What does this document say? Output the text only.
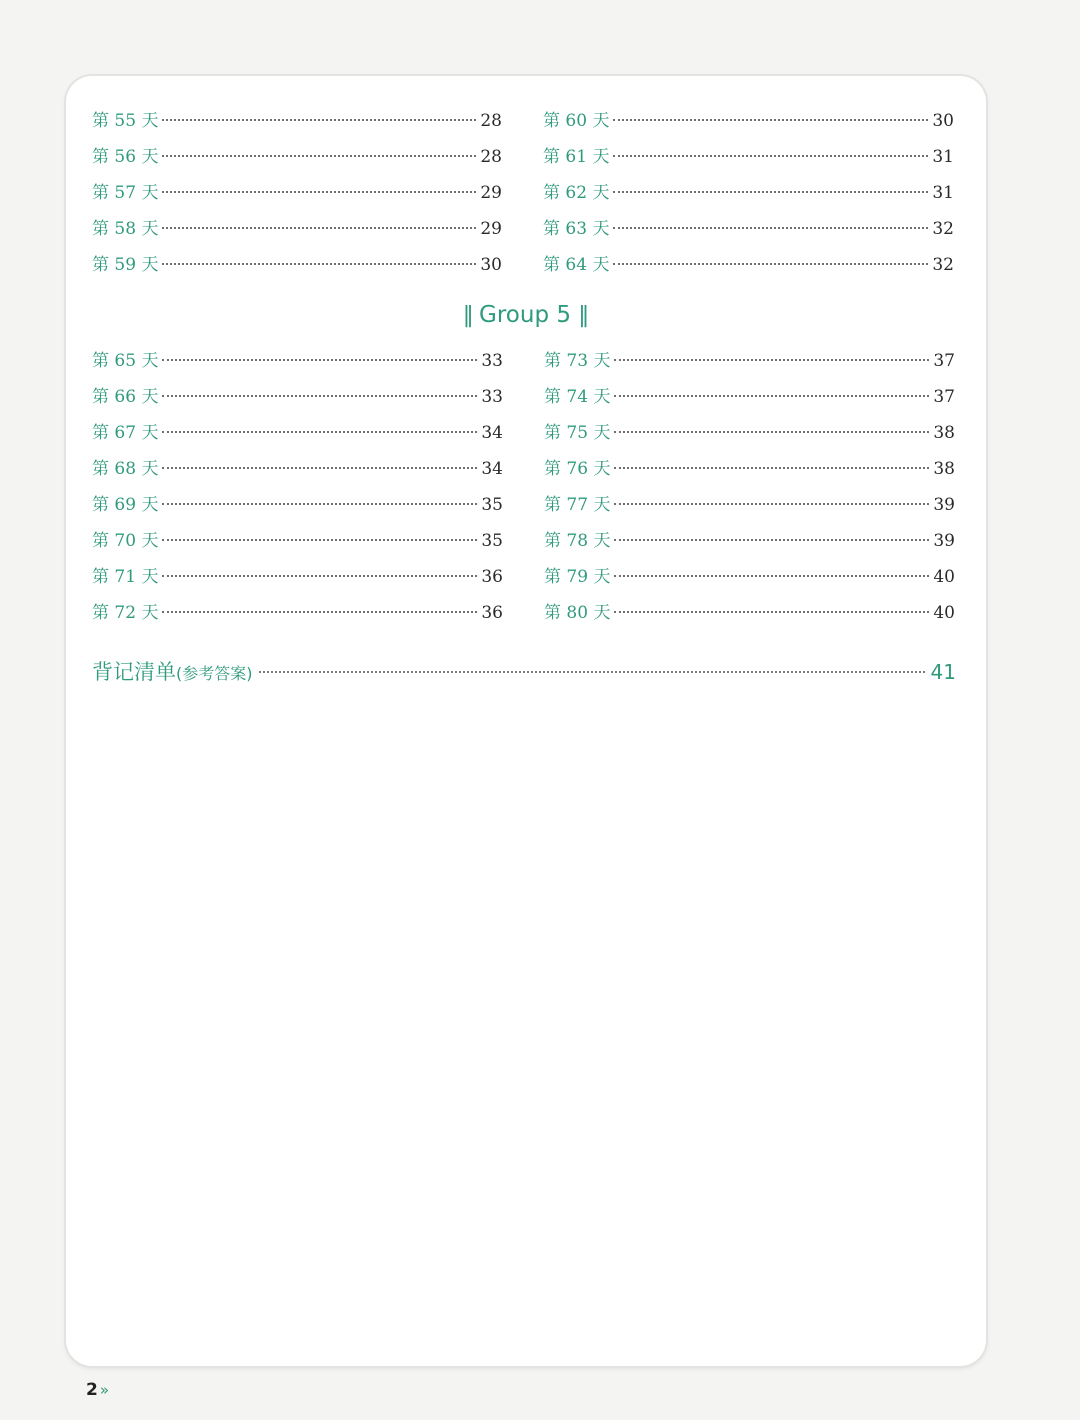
第 55 天	28
第 56 天	28
第 57 天	29
第 58 天	29
第 59 天	30
第 60 天	30
第 61 天	31
第 62 天	31
第 63 天	32
第 64 天	32
‖ Group 5 ‖
第 65 天	33
第 66 天	33
第 67 天	34
第 68 天	34
第 69 天	35
第 70 天	35
第 71 天	36
第 72 天	36
第 73 天	37
第 74 天	37
第 75 天	38
第 76 天	38
第 77 天	39
第 78 天	39
第 79 天	40
第 80 天	40
背记清单 (参考答案)	41
2 »
